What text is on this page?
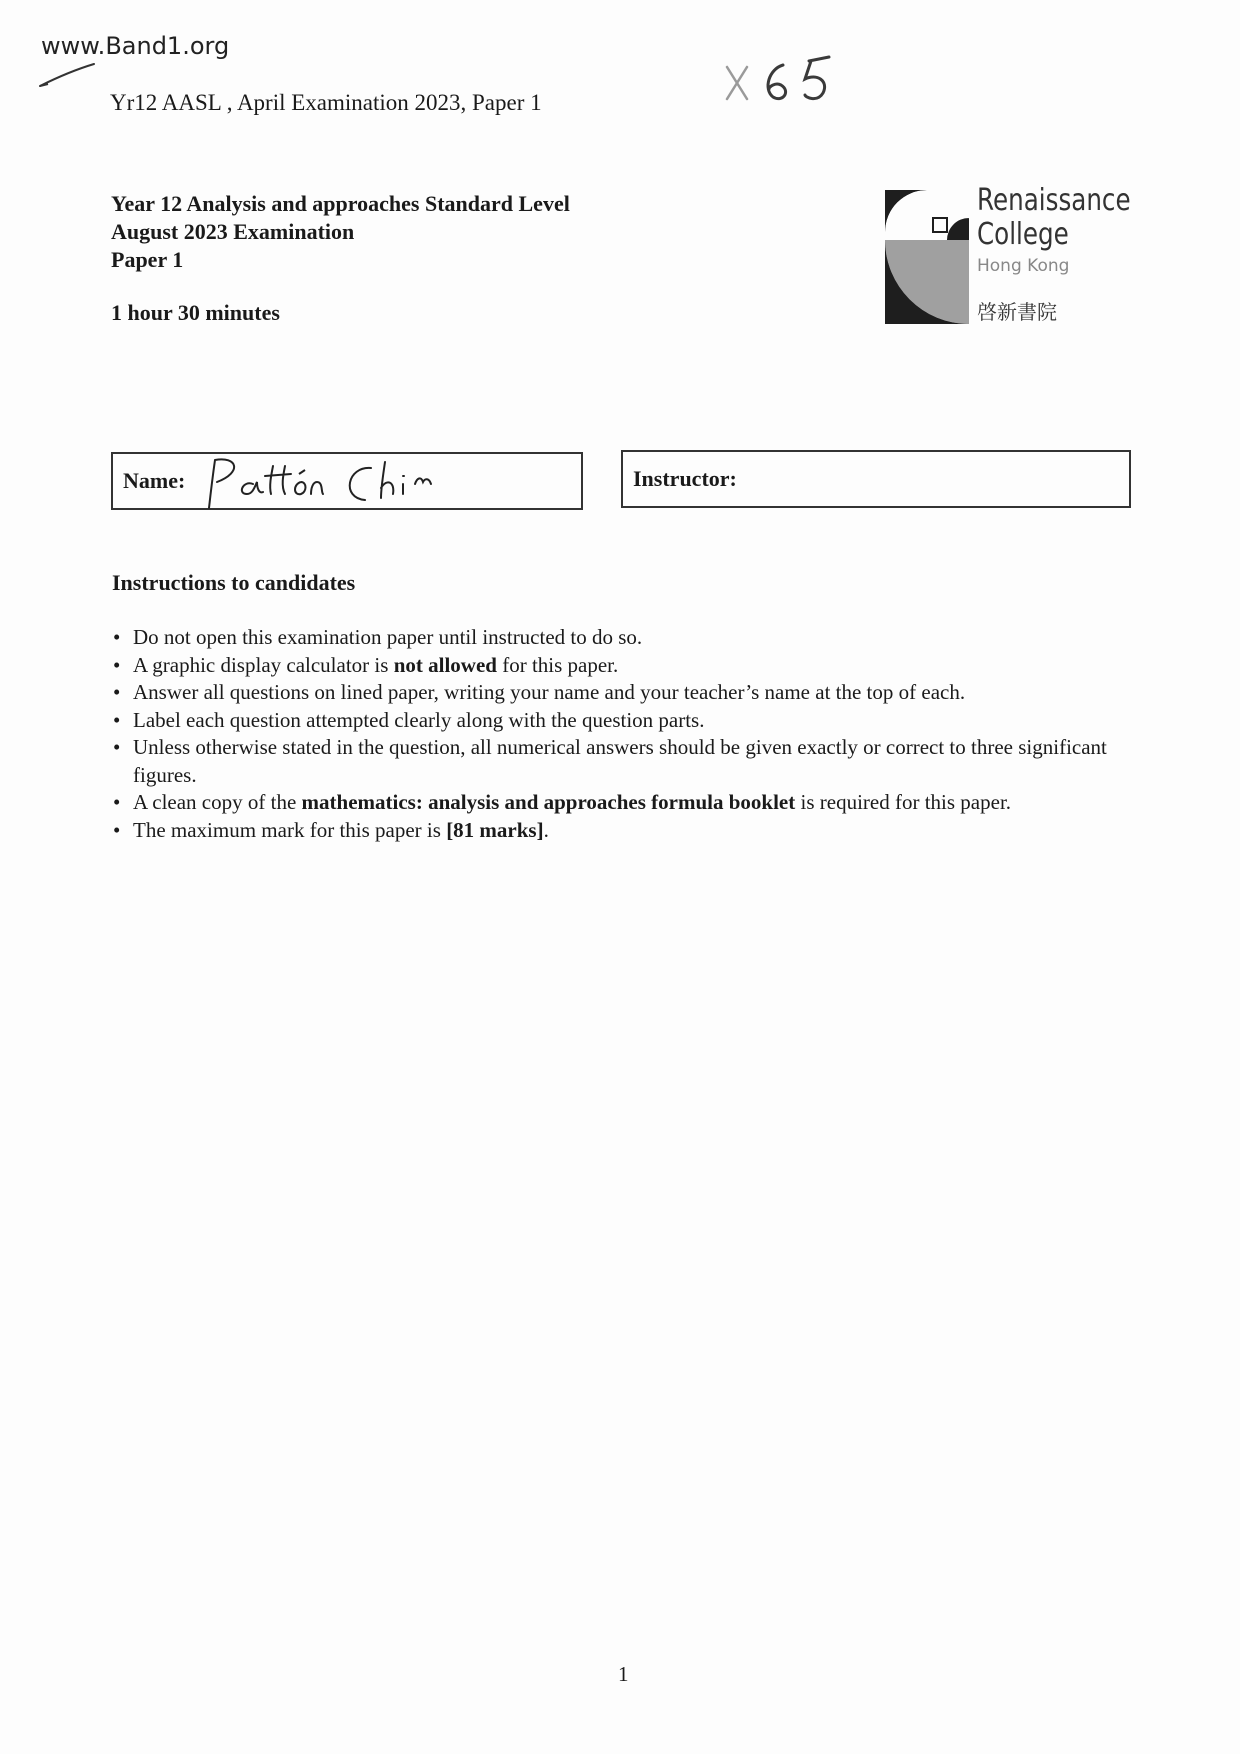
www.Band1.org
Yr12 AASL , April Examination 2023, Paper 1
Year 12 Analysis and approaches Standard Level
August 2023 Examination
Paper 1
1 hour 30 minutes
Renaissance
College
Hong Kong
啓新書院
Name:	Instructor:
Instructions to candidates
• Do not open this examination paper until instructed to do so.
• A graphic display calculator is not allowed for this paper.
• Answer all questions on lined paper, writing your name and your teacher’s name at the top of each.
• Label each question attempted clearly along with the question parts.
• Unless otherwise stated in the question, all numerical answers should be given exactly or correct to three significant figures.
• A clean copy of the mathematics: analysis and approaches formula booklet is required for this paper.
• The maximum mark for this paper is [81 marks].
1
